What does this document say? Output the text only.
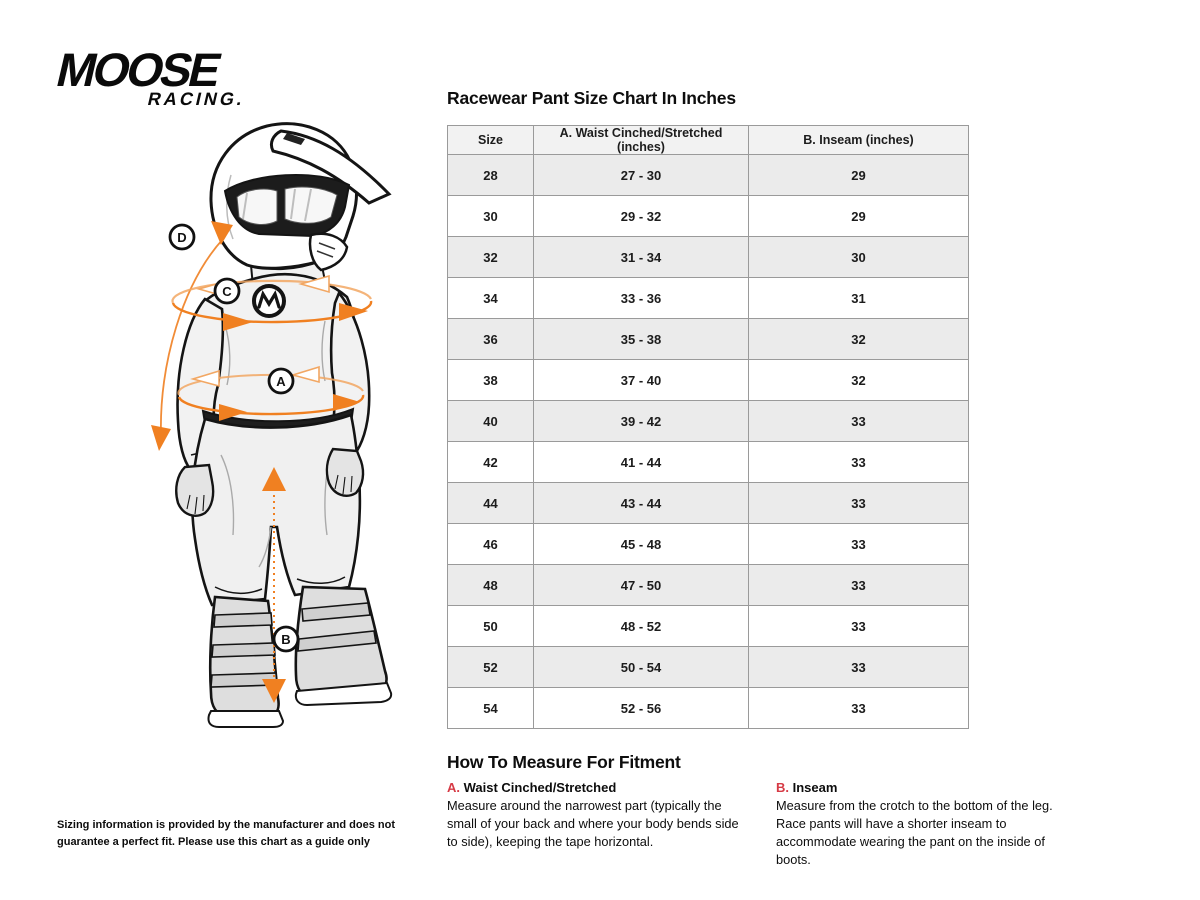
MOOSE
RACING.
D
C
A
B
Racewear Pant Size Chart In Inches
Size	A. Waist Cinched/Stretched (inches)	B. Inseam (inches)
28	27 - 30	29
30	29 - 32	29
32	31 - 34	30
34	33 - 36	31
36	35 - 38	32
38	37 - 40	32
40	39 - 42	33
42	41 - 44	33
44	43 - 44	33
46	45 - 48	33
48	47 - 50	33
50	48 - 52	33
52	50 - 54	33
54	52 - 56	33
How To Measure For Fitment
A. Waist Cinched/Stretched
Measure around the narrowest part (typically the small of your back and where your body bends side to side), keeping the tape horizontal.
B. Inseam
Measure from the crotch to the bottom of the leg. Race pants will have a shorter inseam to accommodate wearing the pant on the inside of boots.
Sizing information is provided by the manufacturer and does not guarantee a perfect fit. Please use this chart as a guide only
